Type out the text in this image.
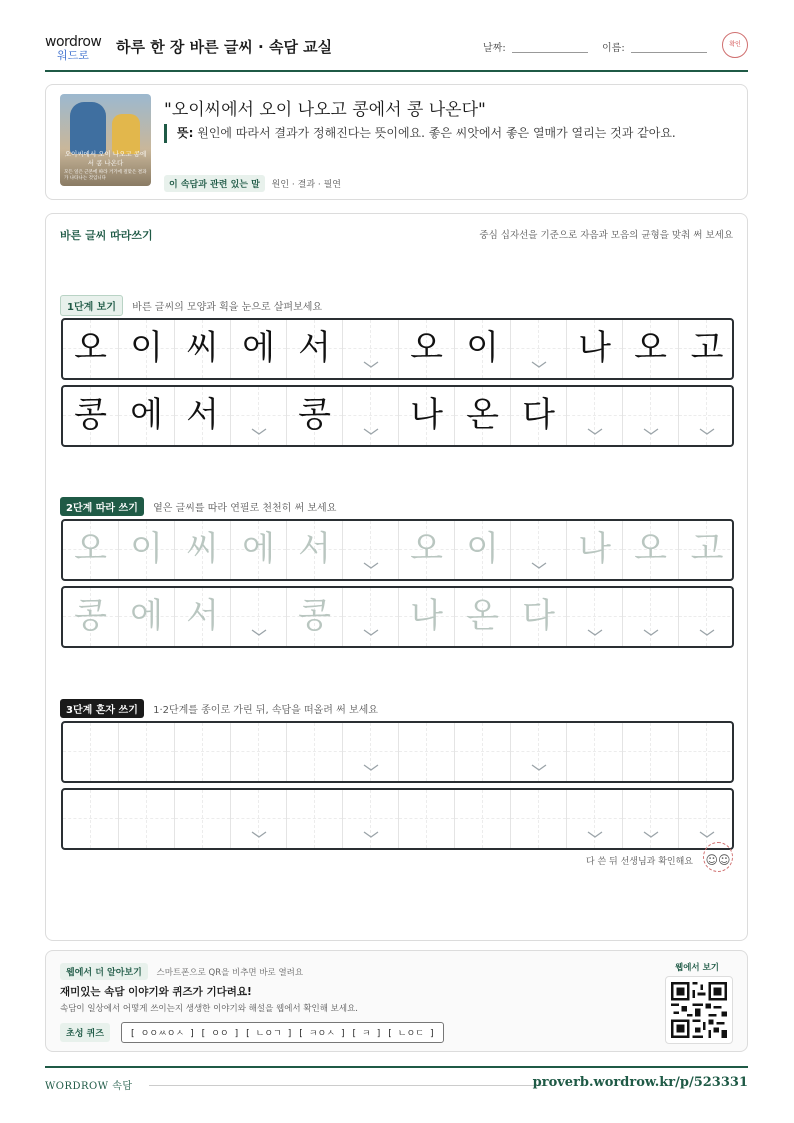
wordrow
워드로 하루 한 장 바른 글씨 · 속담 교실	날짜:	이름:	확인
오이씨에서 오이 나오고 콩에서 콩 나온다
모든 일은 근본에 따라 거기에 걸맞은 결과가 나타나는 것입니다
"오이씨에서 오이 나오고 콩에서 콩 나온다"
뜻: 원인에 따라서 결과가 정해진다는 뜻이에요. 좋은 씨앗에서 좋은 열매가 열리는 것과 같아요.
이 속담과 관련 있는 말 원인 · 결과 · 필연
바른 글씨 따라쓰기	중심 십자선을 기준으로 자음과 모음의 균형을 맞춰 써 보세요
1단계 보기 바른 글씨의 모양과 획을 눈으로 살펴보세요
오 이 씨 에 서	오 이	나 오 고
콩 에 서	콩	나 온 다
2단계 따라 쓰기 옅은 글씨를 따라 연필로 천천히 써 보세요
오 이 씨 에 서	오 이	나 오 고
콩 에 서	콩	나 온 다
3단계 혼자 쓰기 1·2단계를 종이로 가린 뒤, 속담을 떠올려 써 보세요
다 쓴 뒤 선생님과 확인해요 ☺☺
웹에서 더 알아보기 스마트폰으로 QR을 비추면 바로 열려요
재미있는 속담 이야기와 퀴즈가 기다려요!
속담이 일상에서 어떻게 쓰이는지 생생한 이야기와 해설을 웹에서 확인해 보세요.
초성 퀴즈	[ ㅇㅇㅆㅇㅅ ] [ ㅇㅇ ] [ ㄴㅇㄱ ] [ ㅋㅇㅅ ] [ ㅋ ] [ ㄴㅇㄷ ]
웹에서 보기
WORDROW 속담	proverb.wordrow.kr/p/523331
